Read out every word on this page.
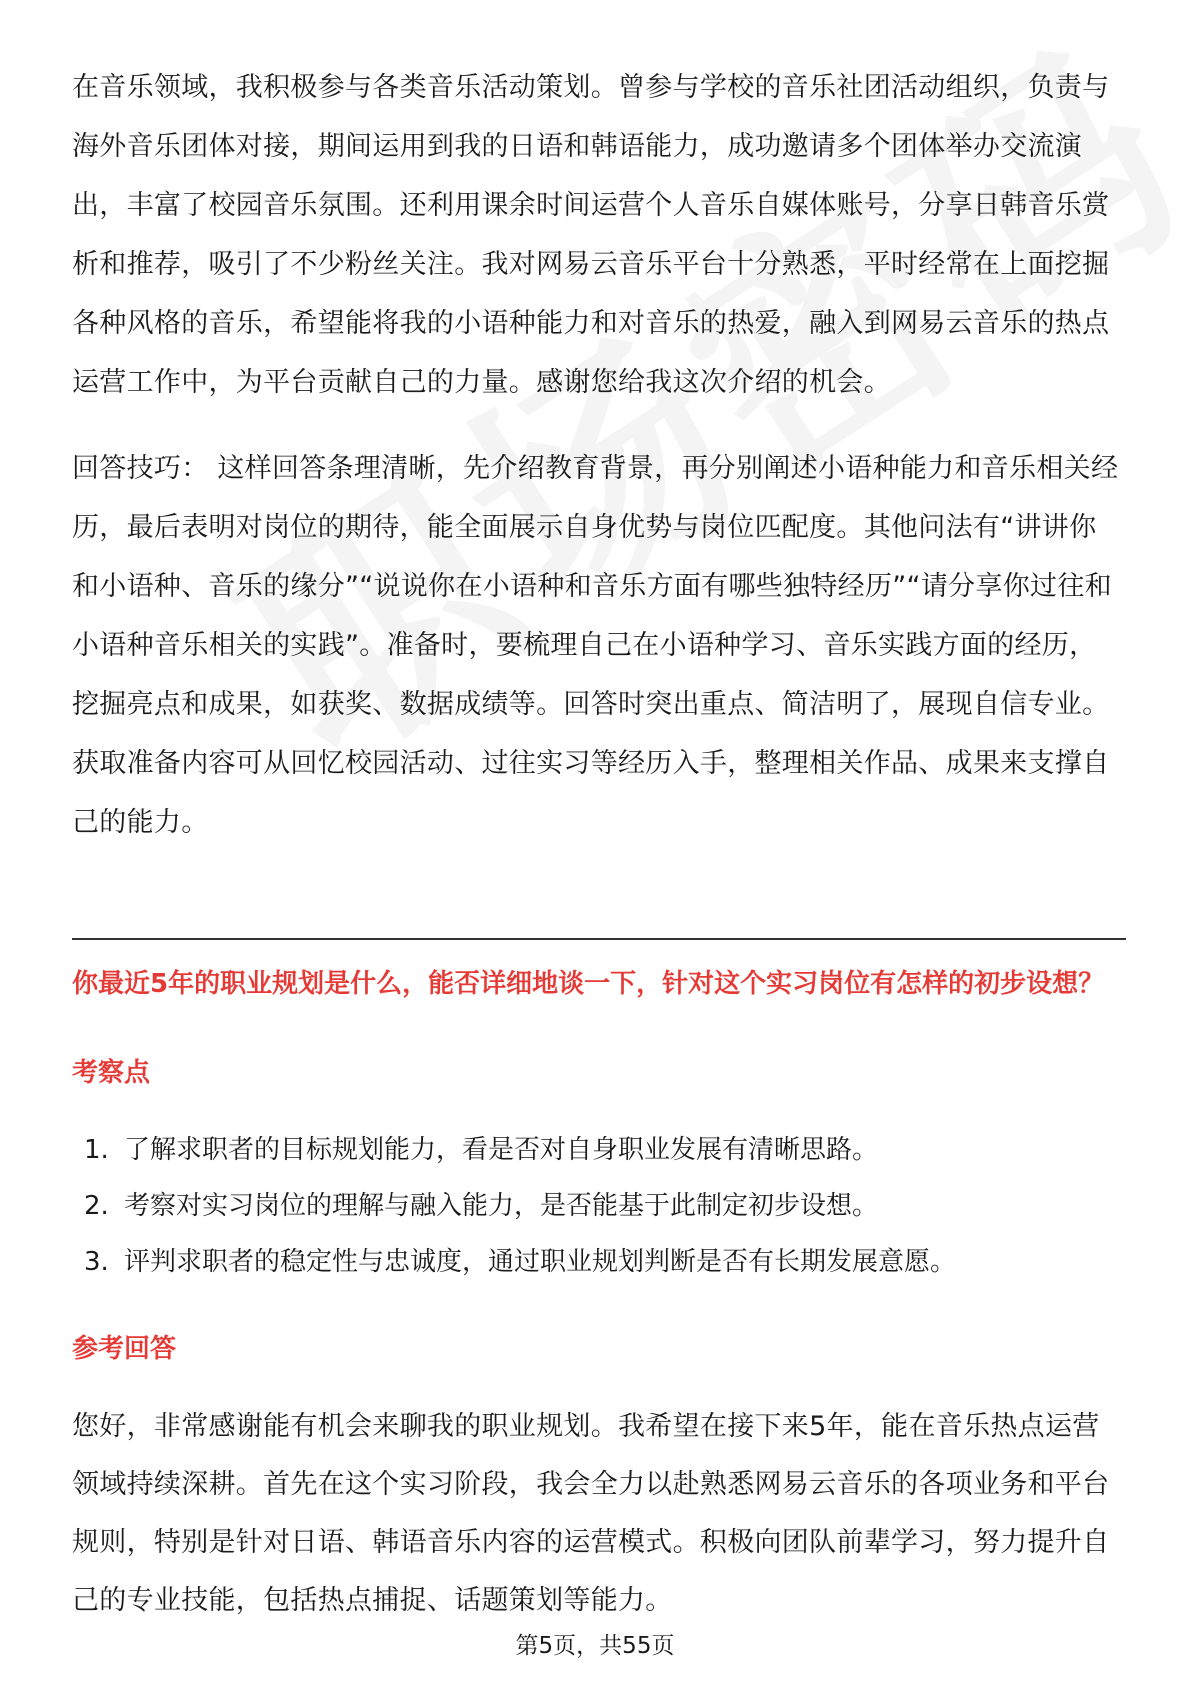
在音乐领域，我积极参与各类音乐活动策划。曾参与学校的音乐社团活动组织，负责与海外音乐团体对接，期间运用到我的日语和韩语能力，成功邀请多个团体举办交流演出，丰富了校园音乐氛围。还利用课余时间运营个人音乐自媒体账号，分享日韩音乐赏析和推荐，吸引了不少粉丝关注。我对网易云音乐平台十分熟悉，平时经常在上面挖掘各种风格的音乐，希望能将我的小语种能力和对音乐的热爱，融入到网易云音乐的热点运营工作中，为平台贡献自己的力量。感谢您给我这次介绍的机会。

回答技巧： 这样回答条理清晰，先介绍教育背景，再分别阐述小语种能力和音乐相关经历，最后表明对岗位的期待，能全面展示自身优势与岗位匹配度。其他问法有“讲讲你和小语种、音乐的缘分”“说说你在小语种和音乐方面有哪些独特经历”“请分享你过往和小语种音乐相关的实践”。准备时，要梳理自己在小语种学习、音乐实践方面的经历，挖掘亮点和成果，如获奖、数据成绩等。回答时突出重点、简洁明了，展现自信专业。获取准备内容可从回忆校园活动、过往实习等经历入手，整理相关作品、成果来支撑自己的能力。

你最近5年的职业规划是什么，能否详细地谈一下，针对这个实习岗位有怎样的初步设想？

考察点

1. 了解求职者的目标规划能力，看是否对自身职业发展有清晰思路。
2. 考察对实习岗位的理解与融入能力，是否能基于此制定初步设想。
3. 评判求职者的稳定性与忠诚度，通过职业规划判断是否有长期发展意愿。

参考回答

您好，非常感谢能有机会来聊我的职业规划。我希望在接下来5年，能在音乐热点运营领域持续深耕。首先在这个实习阶段，我会全力以赴熟悉网易云音乐的各项业务和平台规则，特别是针对日语、韩语音乐内容的运营模式。积极向团队前辈学习，努力提升自己的专业技能，包括热点捕捉、话题策划等能力。

第5页，共55页
